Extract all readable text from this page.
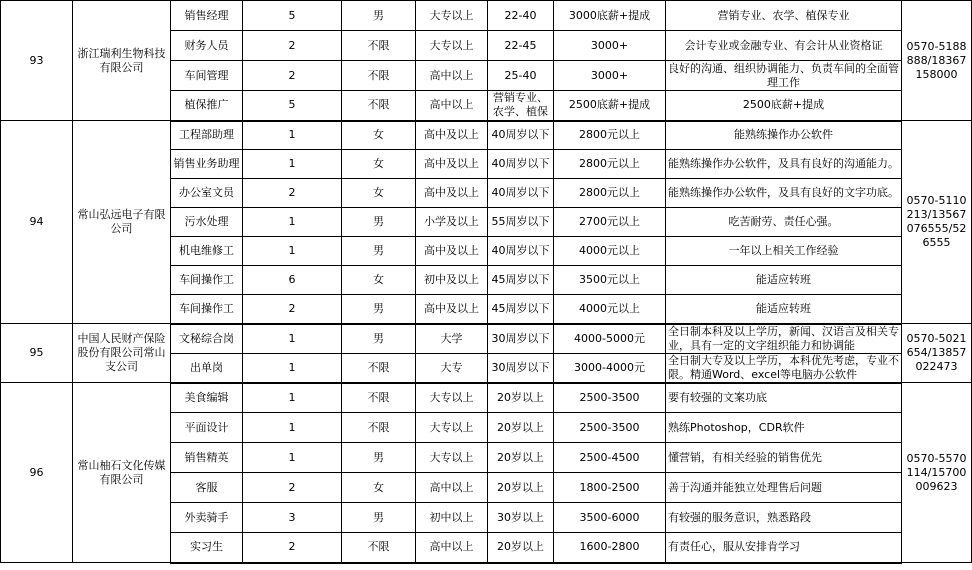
93	浙江瑞利生物科技有限公司	销售经理	5	男	大专以上	22-40	3000底薪+提成	营销专业、农学、植保专业	0570-5188888/18367158000
		财务人员	2	不限	大专以上	22-45	3000+	会计专业或金融专业、有会计从业资格证	
		车间管理	2	不限	高中以上	25-40	3000+	良好的沟通、组织协调能力、负责车间的全面管理工作	
		植保推广	5	不限	高中以上	营销专业、农学、植保	2500底薪+提成	2500底薪+提成	
94	常山弘远电子有限公司	工程部助理	1	女	高中及以上	40周岁以下	2800元以上	能熟练操作办公软件	0570-5110213/13567076555/526555
		销售业务助理	1	女	高中及以上	40周岁以下	2800元以上	能熟练操作办公软件，及具有良好的沟通能力。	
		办公室文员	2	女	高中及以上	40周岁以下	2800元以上	能熟练操作办公软件，及具有良好的文字功底。	
		污水处理	1	男	小学及以上	55周岁以下	2700元以上	吃苦耐劳、责任心强。	
		机电维修工	1	男	高中及以上	40周岁以下	4000元以上	一年以上相关工作经验	
		车间操作工	6	女	初中及以上	45周岁以下	3500元以上	能适应转班	
		车间操作工	2	男	高中及以上	45周岁以下	4000元以上	能适应转班	
95	中国人民财产保险股份有限公司常山支公司	文秘综合岗	1	男	大学	30周岁以下	4000-5000元	全日制本科及以上学历，新闻、汉语言及相关专业，具有一定的文字组织能力和协调能	0570-5021654/13857022473
		出单岗	1	不限	大专	30周岁以下	3000-4000元	全日制大专及以上学历，本科优先考虑，专业不限。精通Word、excel等电脑办公软件	
96	常山柚石文化传媒有限公司	美食编辑	1	不限	大专以上	20岁以上	2500-3500	要有较强的文案功底	0570-5570114/15700009623
		平面设计	1	不限	大专以上	20岁以上	2500-3500	熟练Photoshop，CDR软件	
		销售精英	1	男	大专以上	20岁以上	2500-4500	懂营销，有相关经验的销售优先	
		客服	2	女	高中以上	20岁以上	1800-2500	善于沟通并能独立处理售后问题	
		外卖骑手	3	男	初中以上	30岁以上	3500-6000	有较强的服务意识，熟悉路段	
		实习生	2	不限	高中以上	20岁以上	1600-2800	有责任心，服从安排肯学习	
